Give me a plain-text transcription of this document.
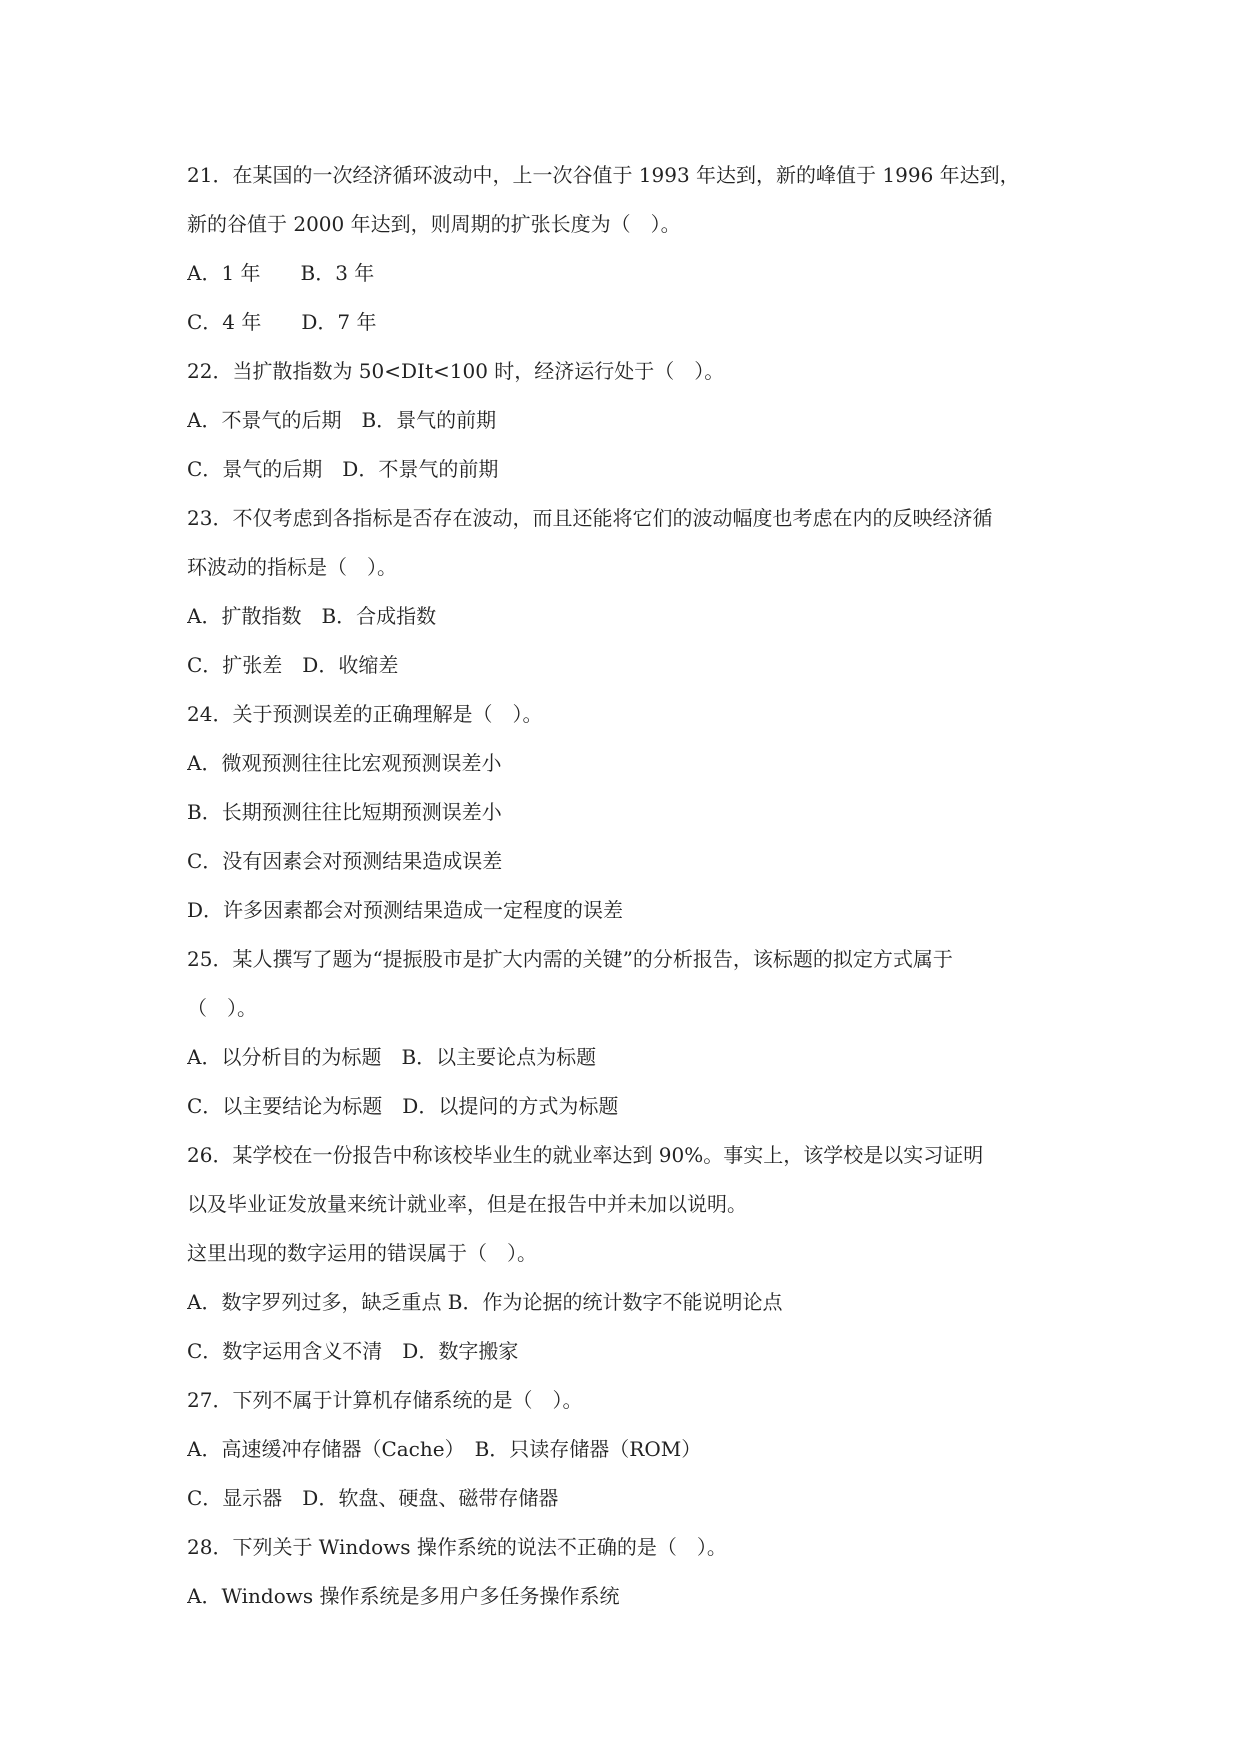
21．在某国的一次经济循环波动中，上一次谷值于 1993 年达到，新的峰值于 1996 年达到，
新的谷值于 2000 年达到，则周期的扩张长度为（　）。
A．1 年　　B．3 年
C．4 年　　D．7 年
22．当扩散指数为 50<DIt<100 时，经济运行处于（　）。
A．不景气的后期　B．景气的前期
C．景气的后期　D．不景气的前期
23．不仅考虑到各指标是否存在波动，而且还能将它们的波动幅度也考虑在内的反映经济循
环波动的指标是（　）。
A．扩散指数　B．合成指数
C．扩张差　D．收缩差
24．关于预测误差的正确理解是（　）。
A．微观预测往往比宏观预测误差小
B．长期预测往往比短期预测误差小
C．没有因素会对预测结果造成误差
D．许多因素都会对预测结果造成一定程度的误差
25．某人撰写了题为“提振股市是扩大内需的关键”的分析报告，该标题的拟定方式属于
（　）。
A．以分析目的为标题　B．以主要论点为标题
C．以主要结论为标题　D．以提问的方式为标题
26．某学校在一份报告中称该校毕业生的就业率达到 90%。事实上，该学校是以实习证明
以及毕业证发放量来统计就业率，但是在报告中并未加以说明。
这里出现的数字运用的错误属于（　）。
A．数字罗列过多，缺乏重点 B．作为论据的统计数字不能说明论点
C．数字运用含义不清　D．数字搬家
27．下列不属于计算机存储系统的是（　）。
A．高速缓冲存储器（Cache）　B．只读存储器（ROM）
C．显示器　D．软盘、硬盘、磁带存储器
28．下列关于 Windows 操作系统的说法不正确的是（　）。
A．Windows 操作系统是多用户多任务操作系统
